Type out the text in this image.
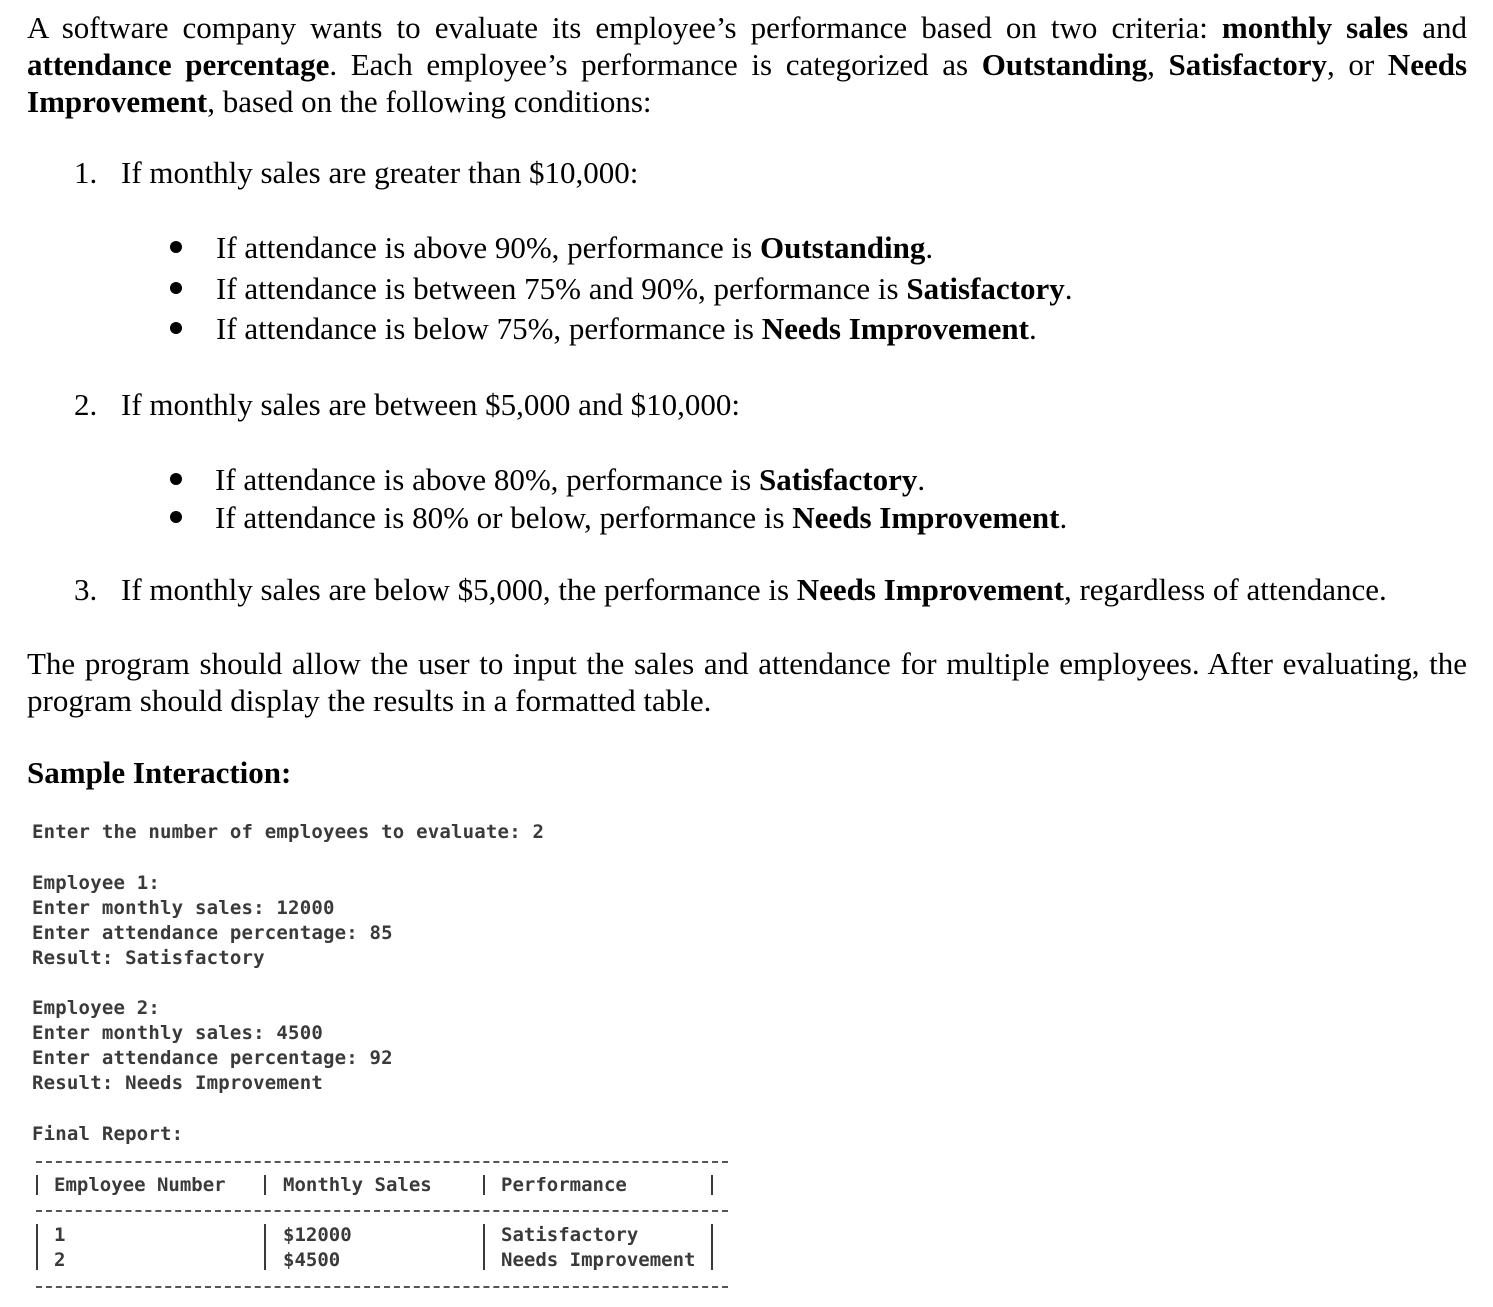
A software company wants to evaluate its employee’s performance based on two criteria: monthly sales and attendance percentage. Each employee’s performance is categorized as Outstanding, Satisfactory, or Needs Improvement, based on the following conditions:

1. If monthly sales are greater than $10,000:
If attendance is above 90%, performance is Outstanding.
If attendance is between 75% and 90%, performance is Satisfactory.
If attendance is below 75%, performance is Needs Improvement.
2. If monthly sales are between $5,000 and $10,000:
If attendance is above 80%, performance is Satisfactory.
If attendance is 80% or below, performance is Needs Improvement.
3. If monthly sales are below $5,000, the performance is Needs Improvement, regardless of attendance.

The program should allow the user to input the sales and attendance for multiple employees. After evaluating, the program should display the results in a formatted table.

Sample Interaction:
Enter the number of employees to evaluate: 2
Employee 1:
Enter monthly sales: 12000
Enter attendance percentage: 85
Result: Satisfactory
Employee 2:
Enter monthly sales: 4500
Enter attendance percentage: 92
Result: Needs Improvement
Final Report:
Employee Number	Monthly Sales	Performance
1	$12000	Satisfactory
2	$4500	Needs Improvement
